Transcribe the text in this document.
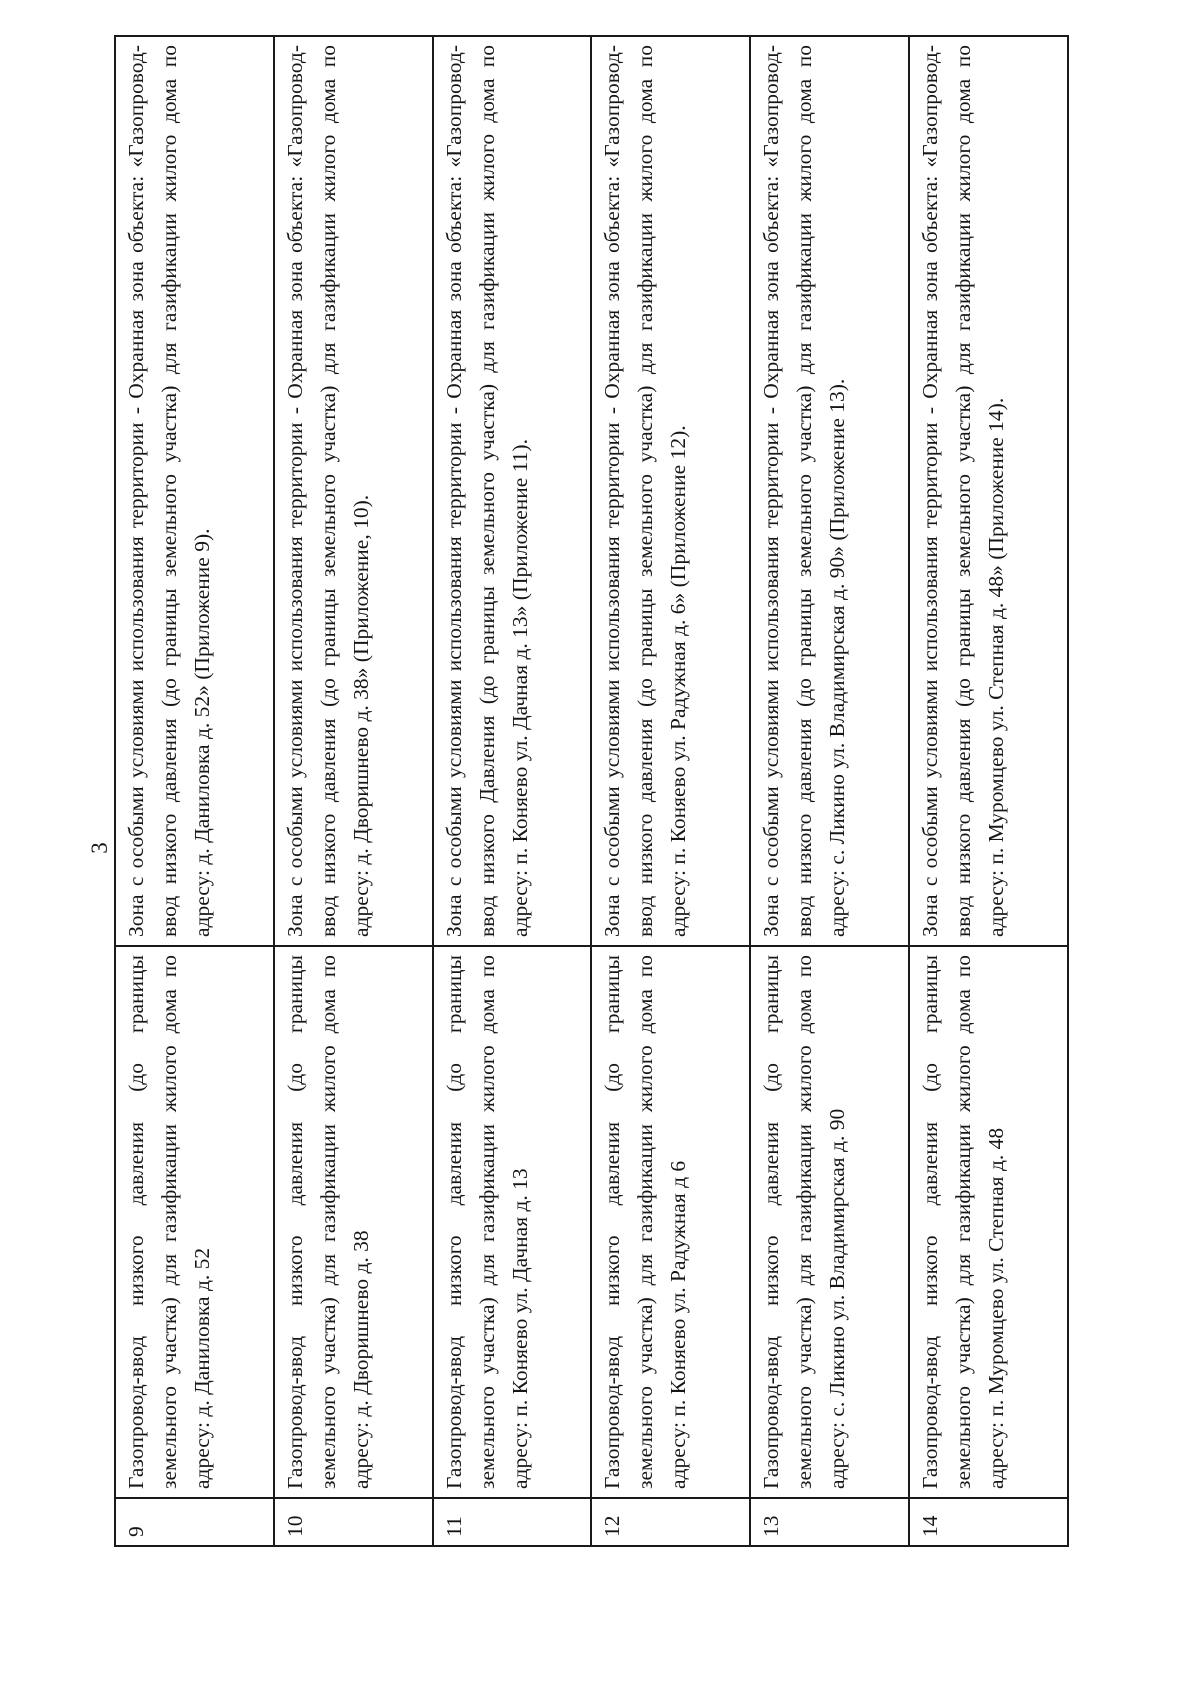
3
9	Газопровод-ввод низкого давления (до границы земельного участка) для газификации жилого дома по адресу: д. Даниловка д. 52	Зона с особыми условиями использования территории - Охранная зона объекта: «Газопровод-ввод низкого давления (до границы земельного участка) для газификации жилого дома по адресу: д. Даниловка д. 52» (Приложение 9).
10	Газопровод-ввод низкого давления (до границы земельного участка) для газификации жилого дома по адресу: д. Дворишнево д. 38	Зона с особыми условиями использования территории - Охранная зона объекта: «Газопровод-ввод низкого давления (до границы земельного участка) для газификации жилого дома по адресу: д. Дворишнево д. 38» (Приложение, 10).
11	Газопровод-ввод низкого давления (до границы земельного участка) для газификации жилого дома по адресу: п. Коняево ул. Дачная д. 13	Зона с особыми условиями использования территории - Охранная зона объекта: «Газопровод-ввод низкого Давления (до границы земельного участка) для газификации жилого дома по адресу: п. Коняево ул. Дачная д. 13» (Приложение 11).
12	Газопровод-ввод низкого давления (до границы земельного участка) для газификации жилого дома по адресу: п. Коняево ул. Радужная д 6	Зона с особыми условиями использования территории - Охранная зона объекта: «Газопровод-ввод низкого давления (до границы земельного участка) для газификации жилого дома по адресу: п. Коняево ул. Радужная д. 6» (Приложение 12).
13	Газопровод-ввод низкого давления (до границы земельного участка) для газификации жилого дома по адресу: с. Ликино ул. Владимирская д. 90	Зона с особыми условиями использования территории - Охранная зона объекта: «Газопровод-ввод низкого давления (до границы земельного участка) для газификации жилого дома по адресу: с. Ликино ул. Владимирская д. 90» (Приложение 13).
14	Газопровод-ввод низкого давления (до границы земельного участка) для газификации жилого дома по адресу: п. Муромцево ул. Степная д. 48	Зона с особыми условиями использования территории - Охранная зона объекта: «Газопровод-ввод низкого давления (до границы земельного участка) для газификации жилого дома по адресу: п. Муромцево ул. Степная д. 48» (Приложение 14).
